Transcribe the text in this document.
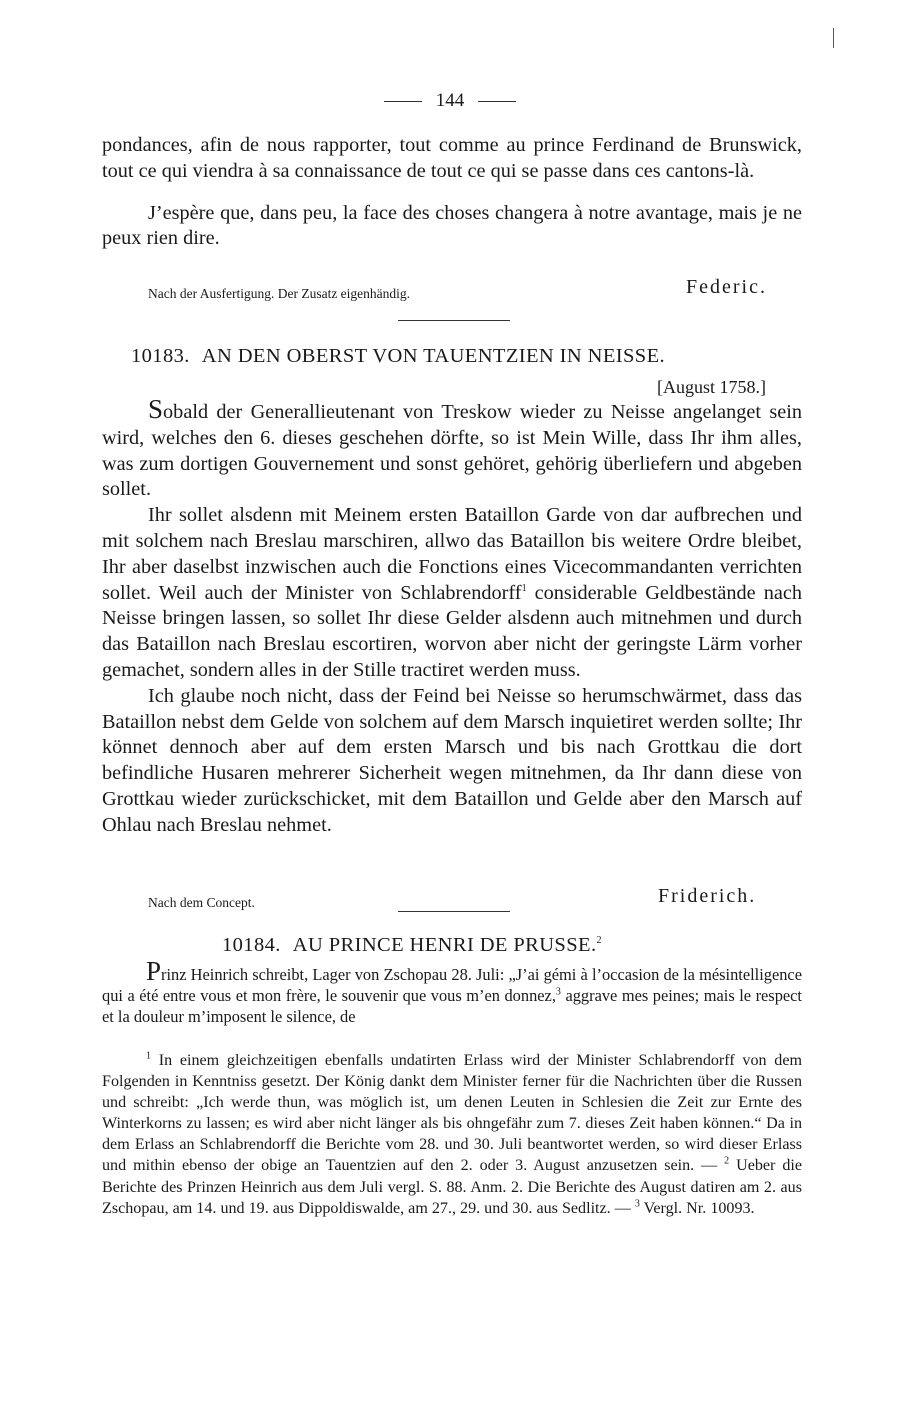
144

pondances, afin de nous rapporter, tout comme au prince Ferdinand de Brunswick, tout ce qui viendra à sa connaissance de tout ce qui se passe dans ces cantons-là.

J’espère que, dans peu, la face des choses changera à notre avantage, mais je ne peux rien dire.

Nach der Ausfertigung. Der Zusatz eigenhändig.	Federic.
10183. AN DEN OBERST VON TAUENTZIEN IN NEISSE.
[August 1758.]

Sobald der Generallieutenant von Treskow wieder zu Neisse angelanget sein wird, welches den 6. dieses geschehen dörfte, so ist Mein Wille, dass Ihr ihm alles, was zum dortigen Gouvernement und sonst gehöret, gehörig überliefern und abgeben sollet.

Ihr sollet alsdenn mit Meinem ersten Bataillon Garde von dar aufbrechen und mit solchem nach Breslau marschiren, allwo das Bataillon bis weitere Ordre bleibet, Ihr aber daselbst inzwischen auch die Fonctions eines Vicecommandanten verrichten sollet. Weil auch der Minister von Schlabrendorff$^1$ considerable Geldbestände nach Neisse bringen lassen, so sollet Ihr diese Gelder alsdenn auch mitnehmen und durch das Bataillon nach Breslau escortiren, worvon aber nicht der geringste Lärm vorher gemachet, sondern alles in der Stille tractiret werden muss.

Ich glaube noch nicht, dass der Feind bei Neisse so herumschwärmet, dass das Bataillon nebst dem Gelde von solchem auf dem Marsch inquietiret werden sollte; Ihr könnet dennoch aber auf dem ersten Marsch und bis nach Grottkau die dort befindliche Husaren mehrerer Sicherheit wegen mitnehmen, da Ihr dann diese von Grottkau wieder zurückschicket, mit dem Bataillon und Gelde aber den Marsch auf Ohlau nach Breslau nehmet.

Nach dem Concept.	Friderich.
10184. AU PRINCE HENRI DE PRUSSE.$^2$

Prinz Heinrich schreibt, Lager von Zschopau 28. Juli: „J’ai gémi à l’occasion de la mésintelligence qui a été entre vous et mon frère, le souvenir que vous m’en donnez,$^3$ aggrave mes peines; mais le respect et la douleur m’imposent le silence, de

$^1$ In einem gleichzeitigen ebenfalls undatirten Erlass wird der Minister Schlabrendorff von dem Folgenden in Kenntniss gesetzt. Der König dankt dem Minister ferner für die Nachrichten über die Russen und schreibt: „Ich werde thun, was möglich ist, um denen Leuten in Schlesien die Zeit zur Ernte des Winterkorns zu lassen; es wird aber nicht länger als bis ohngefähr zum 7. dieses Zeit haben können.“ Da in dem Erlass an Schlabrendorff die Berichte vom 28. und 30. Juli beantwortet werden, so wird dieser Erlass und mithin ebenso der obige an Tauentzien auf den 2. oder 3. August anzusetzen sein. — $^2$ Ueber die Berichte des Prinzen Heinrich aus dem Juli vergl. S. 88. Anm. 2. Die Berichte des August datiren am 2. aus Zschopau, am 14. und 19. aus Dippoldiswalde, am 27., 29. und 30. aus Sedlitz. — $^3$ Vergl. Nr. 10093.
